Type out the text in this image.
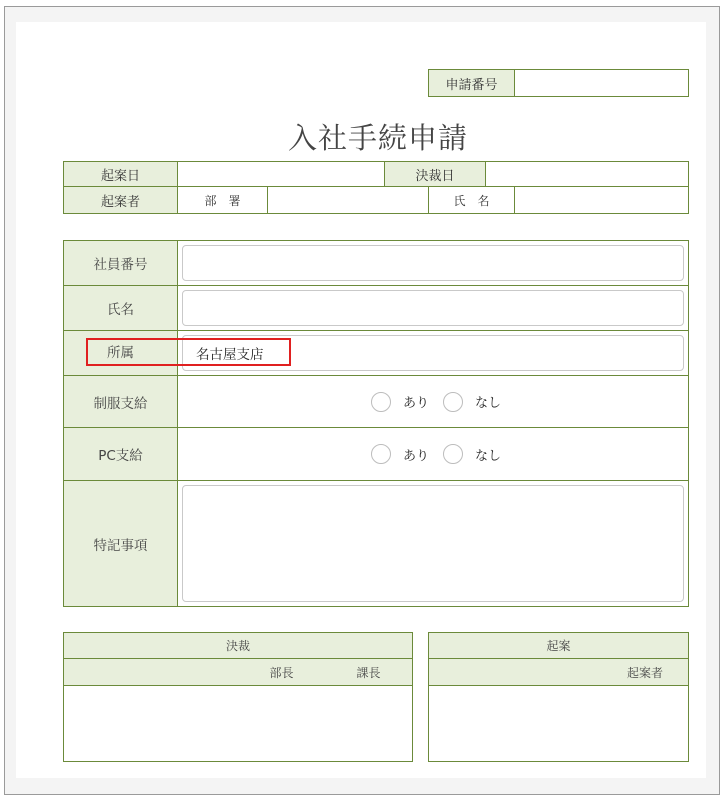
申請番号
入社手続申請
起案日	決裁日
起案者	部　署	氏　名
社員番号
氏名
所属	名古屋支店
制服支給	あり	なし
PC支給	あり	なし
特記事項
決裁
部長	課長
起案
起案者
